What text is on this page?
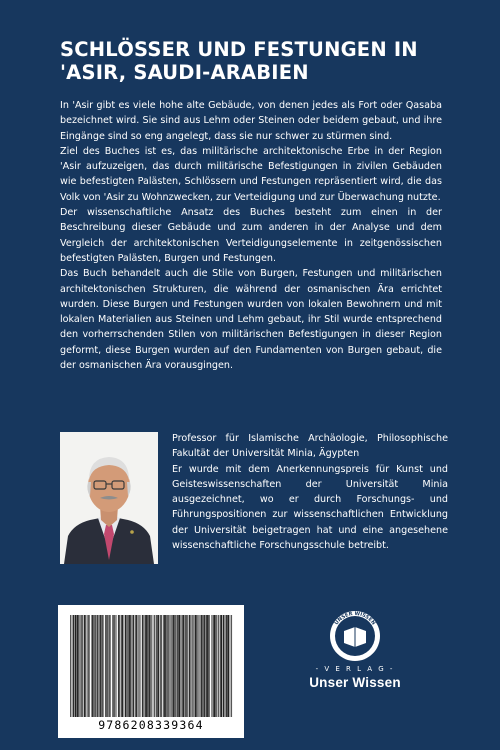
SCHLÖSSER UND FESTUNGEN IN
'ASIR, SAUDI-ARABIEN

In 'Asir gibt es viele hohe alte Gebäude, von denen jedes als Fort oder Qasaba bezeichnet wird. Sie sind aus Lehm oder Steinen oder beidem gebaut, und ihre Eingänge sind so eng angelegt, dass sie nur schwer zu stürmen sind.

Ziel des Buches ist es, das militärische architektonische Erbe in der Region 'Asir aufzuzeigen, das durch militärische Befestigungen in zivilen Gebäuden wie befestigten Palästen, Schlössern und Festungen repräsentiert wird, die das Volk von 'Asir zu Wohnzwecken, zur Verteidigung und zur Überwachung nutzte.

Der wissenschaftliche Ansatz des Buches besteht zum einen in der Beschreibung dieser Gebäude und zum anderen in der Analyse und dem Vergleich der architektonischen Verteidigungselemente in zeitgenössischen befestigten Palästen, Burgen und Festungen.

Das Buch behandelt auch die Stile von Burgen, Festungen und militärischen architektonischen Strukturen, die während der osmanischen Ära errichtet wurden. Diese Burgen und Festungen wurden von lokalen Bewohnern und mit lokalen Materialien aus Steinen und Lehm gebaut, ihr Stil wurde entsprechend den vorherrschenden Stilen von militärischen Befestigungen in dieser Region geformt, diese Burgen wurden auf den Fundamenten von Burgen gebaut, die der osmanischen Ära vorausgingen.

Professor für Islamische Archäologie, Philosophische Fakultät der Universität Minia, Ägypten

Er wurde mit dem Anerkennungspreis für Kunst und Geisteswissenschaften der Universität Minia ausgezeichnet, wo er durch Forschungs- und Führungspositionen zur wissenschaftlichen Entwicklung der Universität beigetragen hat und eine angesehene wissenschaftliche Forschungsschule betreibt.

9786208339364
UNSER WISSEN
- V E R L A G -
Unser Wissen
